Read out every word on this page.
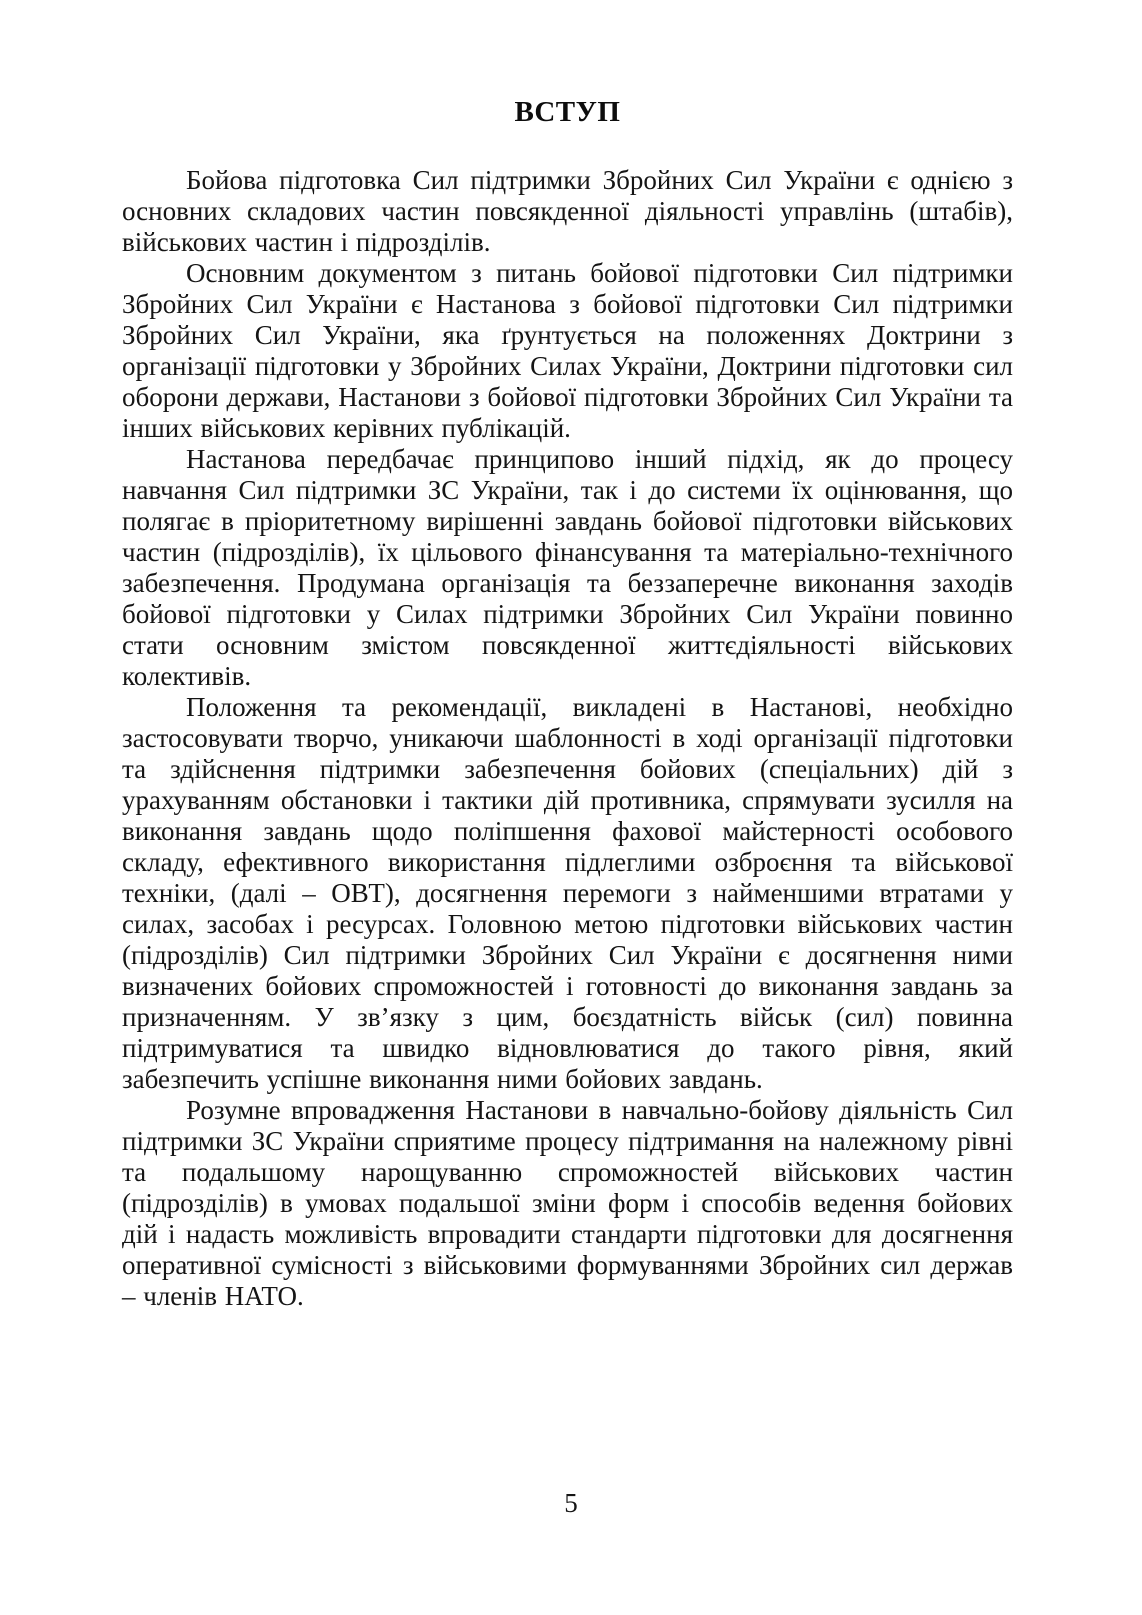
ВСТУП

Бойова підготовка Сил підтримки Збройних Сил України є однією з основних складових частин повсякденної діяльності управлінь (штабів), військових частин і підрозділів.

Основним документом з питань бойової підготовки Сил підтримки Збройних Сил України є Настанова з бойової підготовки Сил підтримки Збройних Сил України, яка ґрунтується на положеннях Доктрини з організації підготовки у Збройних Силах України, Доктрини підготовки сил оборони держави, Настанови з бойової підготовки Збройних Сил України та інших військових керівних публікацій.

Настанова передбачає принципово інший підхід, як до процесу навчання Сил підтримки ЗС України, так і до системи їх оцінювання, що полягає в пріоритетному вирішенні завдань бойової підготовки військових частин (підрозділів), їх цільового фінансування та матеріально-технічного забезпечення. Продумана організація та беззаперечне виконання заходів бойової підготовки у Силах підтримки Збройних Сил України повинно стати основним змістом повсякденної життєдіяльності військових колективів.

Положення та рекомендації, викладені в Настанові, необхідно застосовувати творчо, уникаючи шаблонності в ході організації підготовки та здійснення підтримки забезпечення бойових (спеціальних) дій з урахуванням обстановки і тактики дій противника, спрямувати зусилля на виконання завдань щодо поліпшення фахової майстерності особового складу, ефективного використання підлеглими озброєння та військової техніки, (далі – ОВТ), досягнення перемоги з найменшими втратами у силах, засобах і ресурсах. Головною метою підготовки військових частин (підрозділів) Сил підтримки Збройних Сил України є досягнення ними визначених бойових спроможностей і готовності до виконання завдань за призначенням. У зв’язку з цим, боєздатність військ (сил) повинна підтримуватися та швидко відновлюватися до такого рівня, який забезпечить успішне виконання ними бойових завдань.

Розумне впровадження Настанови в навчально-бойову діяльність Сил підтримки ЗС України сприятиме процесу підтримання на належному рівні та подальшому нарощуванню спроможностей військових частин (підрозділів) в умовах подальшої зміни форм і способів ведення бойових дій і надасть можливість впровадити стандарти підготовки для досягнення оперативної сумісності з військовими формуваннями Збройних сил держав – членів НАТО.

5
